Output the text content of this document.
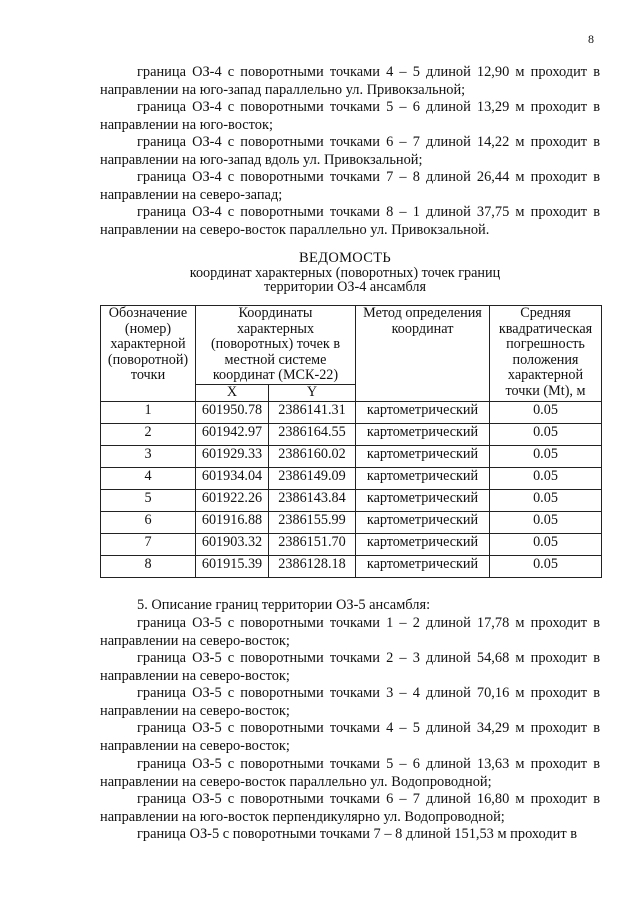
8

граница ОЗ-4 с поворотными точками 4 – 5 длиной 12,90 м проходит в направлении на юго-запад параллельно ул. Привокзальной;

граница ОЗ-4 с поворотными точками 5 – 6 длиной 13,29 м проходит в направлении на юго-восток;

граница ОЗ-4 с поворотными точками 6 – 7 длиной 14,22 м проходит в направлении на юго-запад вдоль ул. Привокзальной;

граница ОЗ-4 с поворотными точками 7 – 8 длиной 26,44 м проходит в направлении на северо-запад;

граница ОЗ-4 с поворотными точками 8 – 1 длиной 37,75 м проходит в направлении на северо-восток параллельно ул. Привокзальной.

ВЕДОМОСТЬ
координат характерных (поворотных) точек границ
территории ОЗ-4 ансамбля
Обозначение (номер) характерной (поворотной) точки	Координаты характерных (поворотных) точек в местной системе координат (МСК-22)		Метод определения координат	Средняя квадратическая погрешность положения характерной точки (Mt), м
	X	Y		
1	601950.78	2386141.31	картометрический	0.05
2	601942.97	2386164.55	картометрический	0.05
3	601929.33	2386160.02	картометрический	0.05
4	601934.04	2386149.09	картометрический	0.05
5	601922.26	2386143.84	картометрический	0.05
6	601916.88	2386155.99	картометрический	0.05
7	601903.32	2386151.70	картометрический	0.05
8	601915.39	2386128.18	картометрический	0.05
5. Описание границ территории ОЗ-5 ансамбля:

граница ОЗ-5 с поворотными точками 1 – 2 длиной 17,78 м проходит в направлении на северо-восток;

граница ОЗ-5 с поворотными точками 2 – 3 длиной 54,68 м проходит в направлении на северо-восток;

граница ОЗ-5 с поворотными точками 3 – 4 длиной 70,16 м проходит в направлении на северо-восток;

граница ОЗ-5 с поворотными точками 4 – 5 длиной 34,29 м проходит в направлении на северо-восток;

граница ОЗ-5 с поворотными точками 5 – 6 длиной 13,63 м проходит в направлении на северо-восток параллельно ул. Водопроводной;

граница ОЗ-5 с поворотными точками 6 – 7 длиной 16,80 м проходит в направлении на юго-восток перпендикулярно ул. Водопроводной;

граница ОЗ-5 с поворотными точками 7 – 8 длиной 151,53 м проходит в
